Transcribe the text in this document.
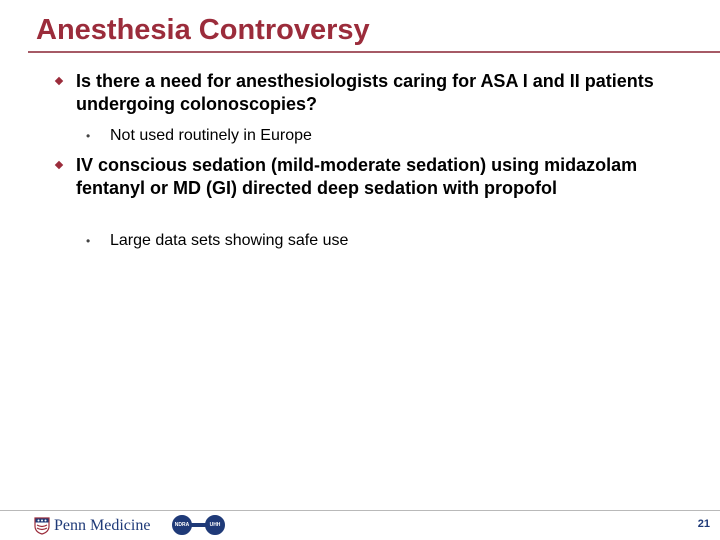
Anesthesia Controversy
Is there a need for anesthesiologists caring for ASA I and II patients undergoing colonoscopies?
• Not used routinely in Europe
IV conscious sedation (mild-moderate sedation) using midazolam fentanyl or MD (GI) directed deep sedation with propofol
• Large data sets showing safe use
Penn Medicine	NDRA	UHH	21
